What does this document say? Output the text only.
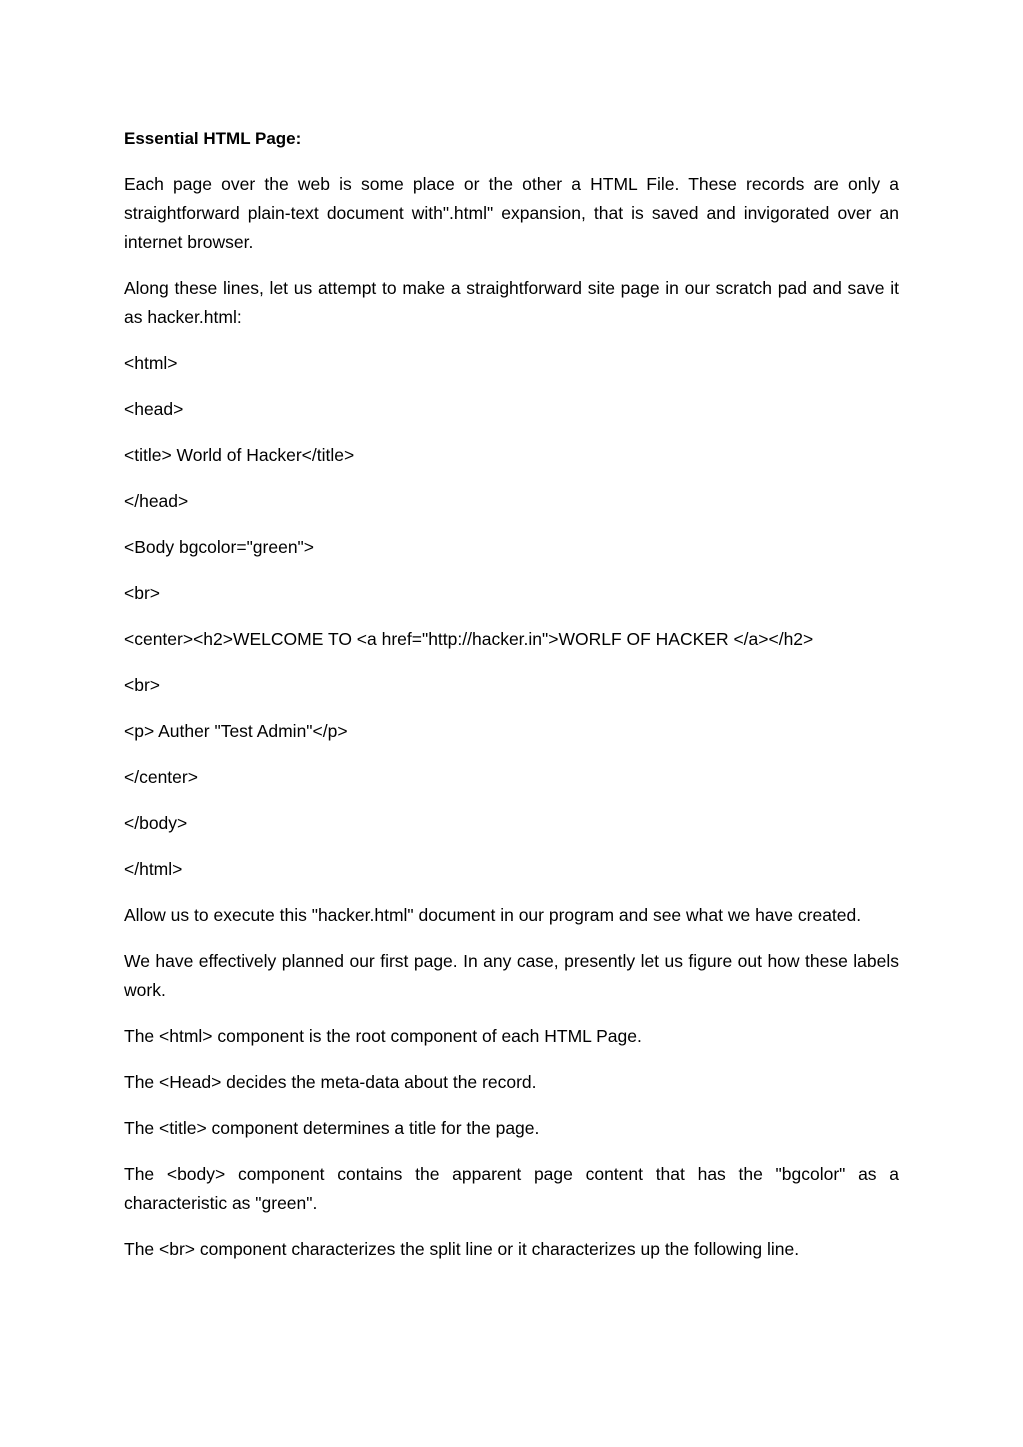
Essential HTML Page:

Each page over the web is some place or the other a HTML File. These records are only a straightforward plain-text document with".html" expansion, that is saved and invigorated over an internet browser.

Along these lines, let us attempt to make a straightforward site page in our scratch pad and save it as hacker.html:

<html>
<head>
<title> World of Hacker</title>
</head>
<Body bgcolor="green">
<br>
<center><h2>WELCOME TO <a href="http://hacker.in">WORLF OF HACKER </a></h2>
<br>
<p> Auther "Test Admin"</p>
</center>
</body>
</html>

Allow us to execute this "hacker.html" document in our program and see what we have created.

We have effectively planned our first page. In any case, presently let us figure out how these labels work.

The <html> component is the root component of each HTML Page.

The <Head> decides the meta-data about the record.

The <title> component determines a title for the page.

The <body> component contains the apparent page content that has the "bgcolor" as a characteristic as "green".

The <br> component characterizes the split line or it characterizes up the following line.
